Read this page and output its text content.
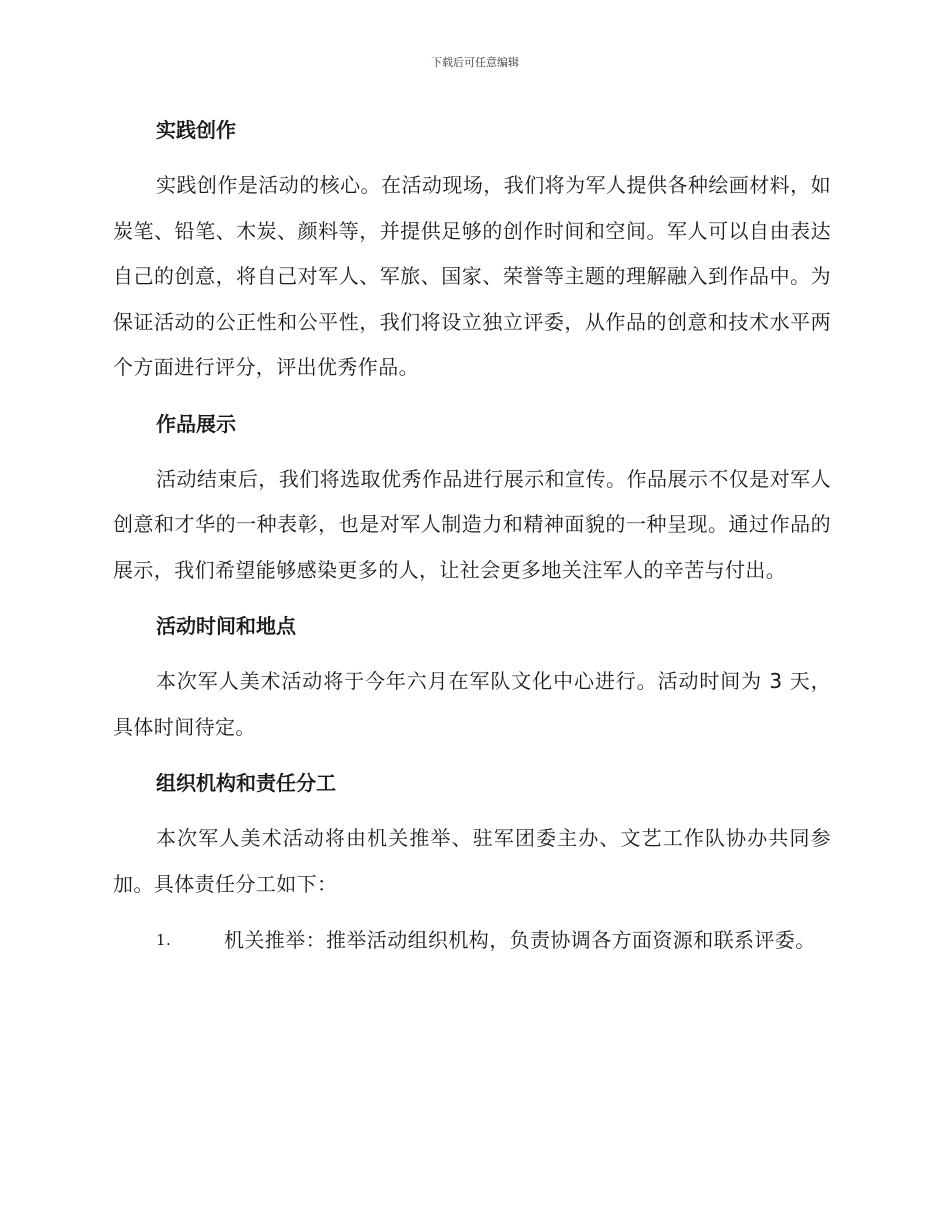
下载后可任意编辑
实践创作

实践创作是活动的核心。在活动现场，我们将为军人提供各种绘画材料，如炭笔、铅笔、木炭、颜料等，并提供足够的创作时间和空间。军人可以自由表达自己的创意，将自己对军人、军旅、国家、荣誉等主题的理解融入到作品中。为保证活动的公正性和公平性，我们将设立独立评委，从作品的创意和技术水平两个方面进行评分，评出优秀作品。

作品展示

活动结束后，我们将选取优秀作品进行展示和宣传。作品展示不仅是对军人创意和才华的一种表彰，也是对军人制造力和精神面貌的一种呈现。通过作品的展示，我们希望能够感染更多的人，让社会更多地关注军人的辛苦与付出。

活动时间和地点

本次军人美术活动将于今年六月在军队文化中心进行。活动时间为 3 天，具体时间待定。

组织机构和责任分工

本次军人美术活动将由机关推举、驻军团委主办、文艺工作队协办共同参加。具体责任分工如下：

1.	机关推举：推举活动组织机构，负责协调各方面资源和联系评委。
